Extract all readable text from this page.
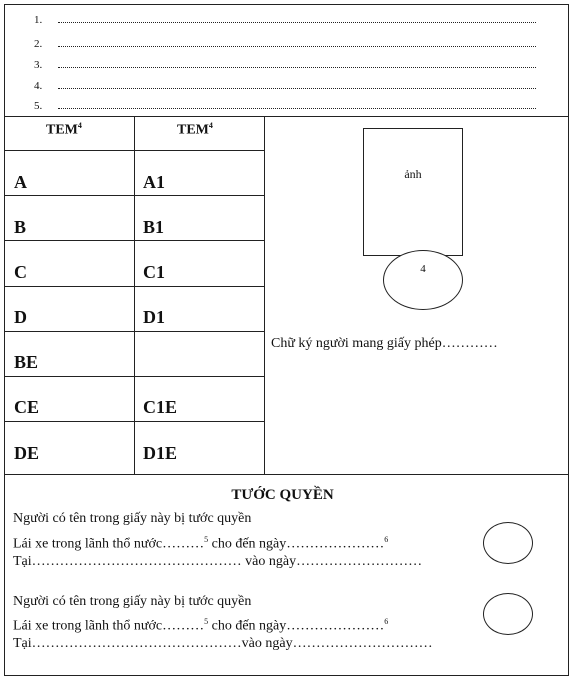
1.
2.
3.
4.
5.
TEM$^4$	TEM$^4$
A	A1
B	B1
C	C1
D	D1
BE
CE	C1E
DE	D1E
ảnh
4
Chữ ký người mang giấy phép…………
TƯỚC QUYỀN
Người có tên trong giấy này bị tước quyền
Lái xe trong lãnh thổ nước………$^5$ cho đến ngày…………………$^6$
Tại……………………………………… vào ngày………………………
Người có tên trong giấy này bị tước quyền
Lái xe trong lãnh thổ nước………$^5$ cho đến ngày…………………$^6$
Tại………………………………………vào ngày…………………………
